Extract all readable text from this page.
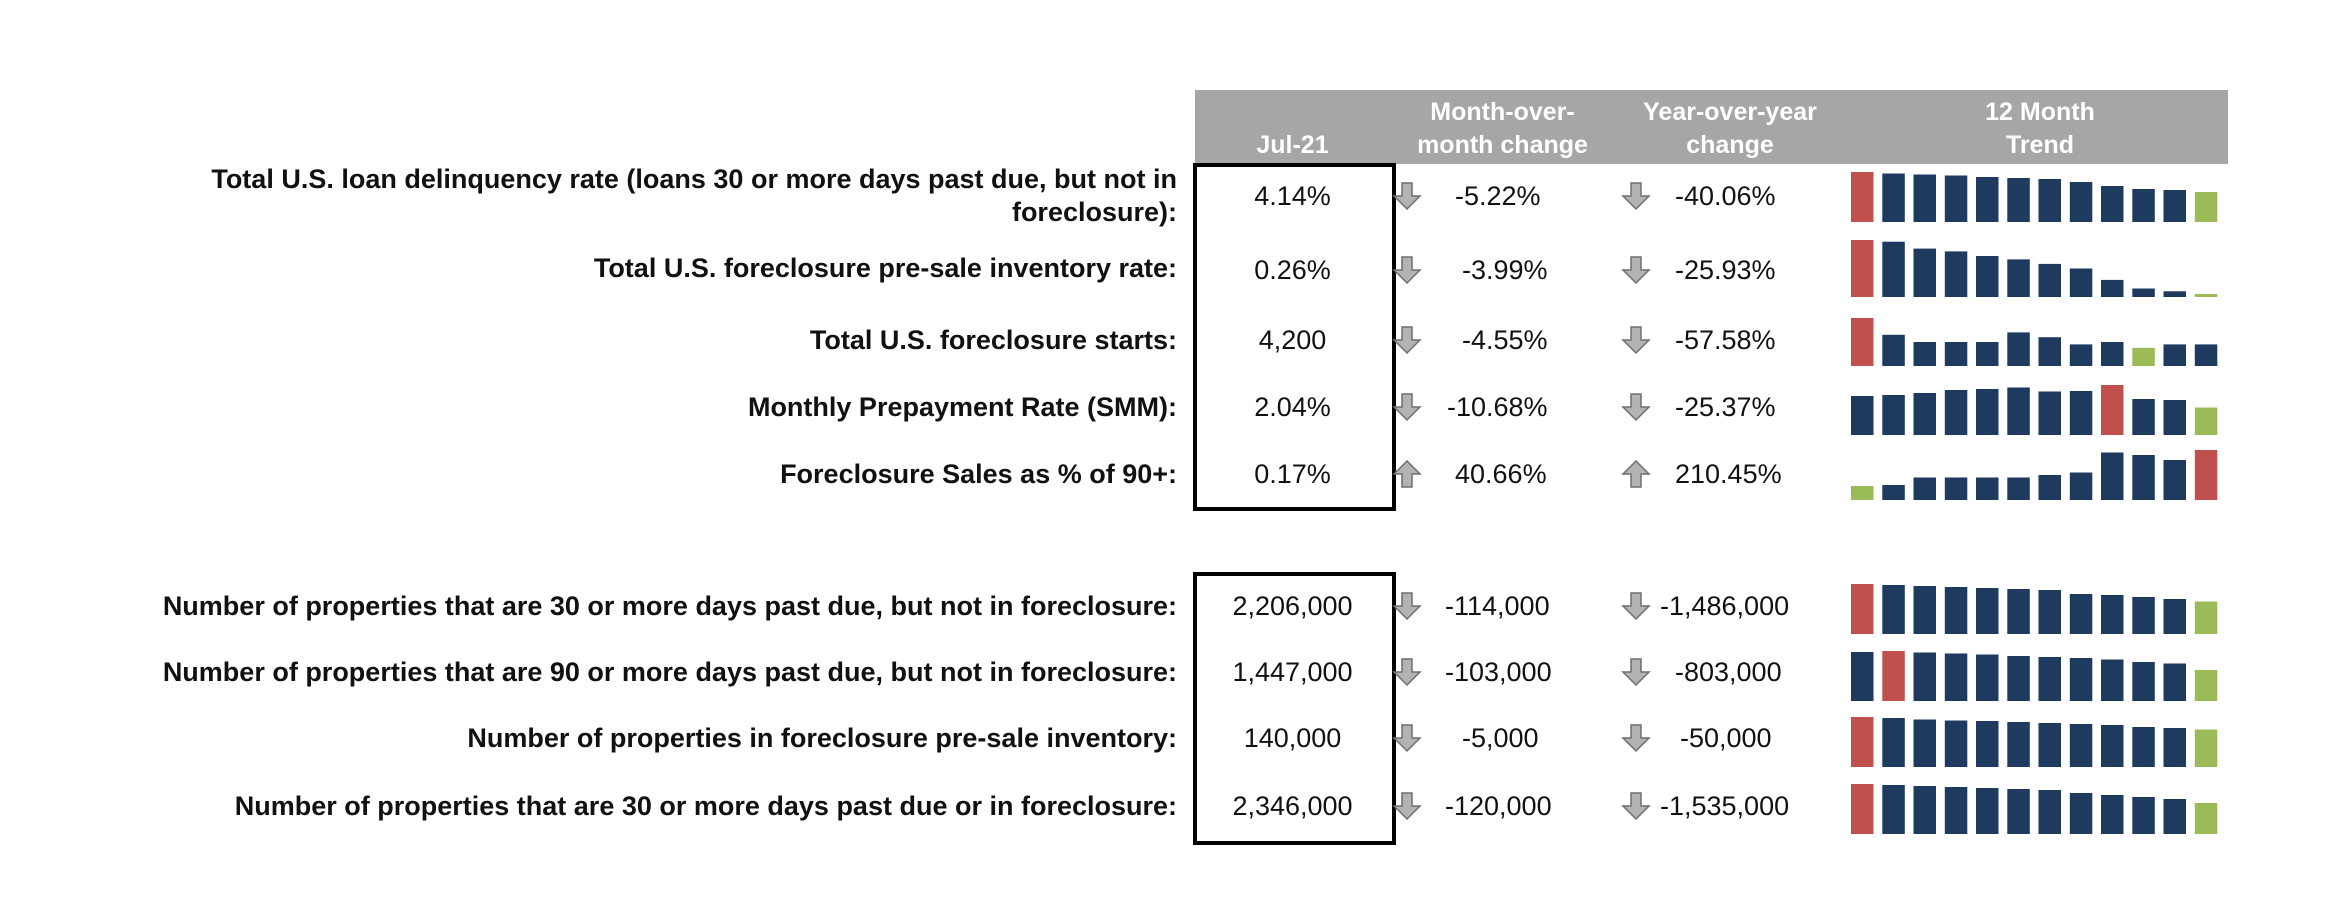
Jul-21
Month-over-
month change
Year-over-year
change
12 Month
Trend
Total U.S. loan delinquency rate (loans 30 or more days past due, but not in
foreclosure):
4.14%	-5.22%	-40.06%
Total U.S. foreclosure pre-sale inventory rate:	0.26%	-3.99%	-25.93%
Total U.S. foreclosure starts:	4,200	-4.55%	-57.58%
Monthly Prepayment Rate (SMM):	2.04%	-10.68%	-25.37%
Foreclosure Sales as % of 90+:	0.17%	40.66%	210.45%
Number of properties that are 30 or more days past due, but not in foreclosure:	2,206,000	-114,000	-1,486,000
Number of properties that are 90 or more days past due, but not in foreclosure:	1,447,000	-103,000	-803,000
Number of properties in foreclosure pre-sale inventory:	140,000	-5,000	-50,000
Number of properties that are 30 or more days past due or in foreclosure:	2,346,000	-120,000	-1,535,000
